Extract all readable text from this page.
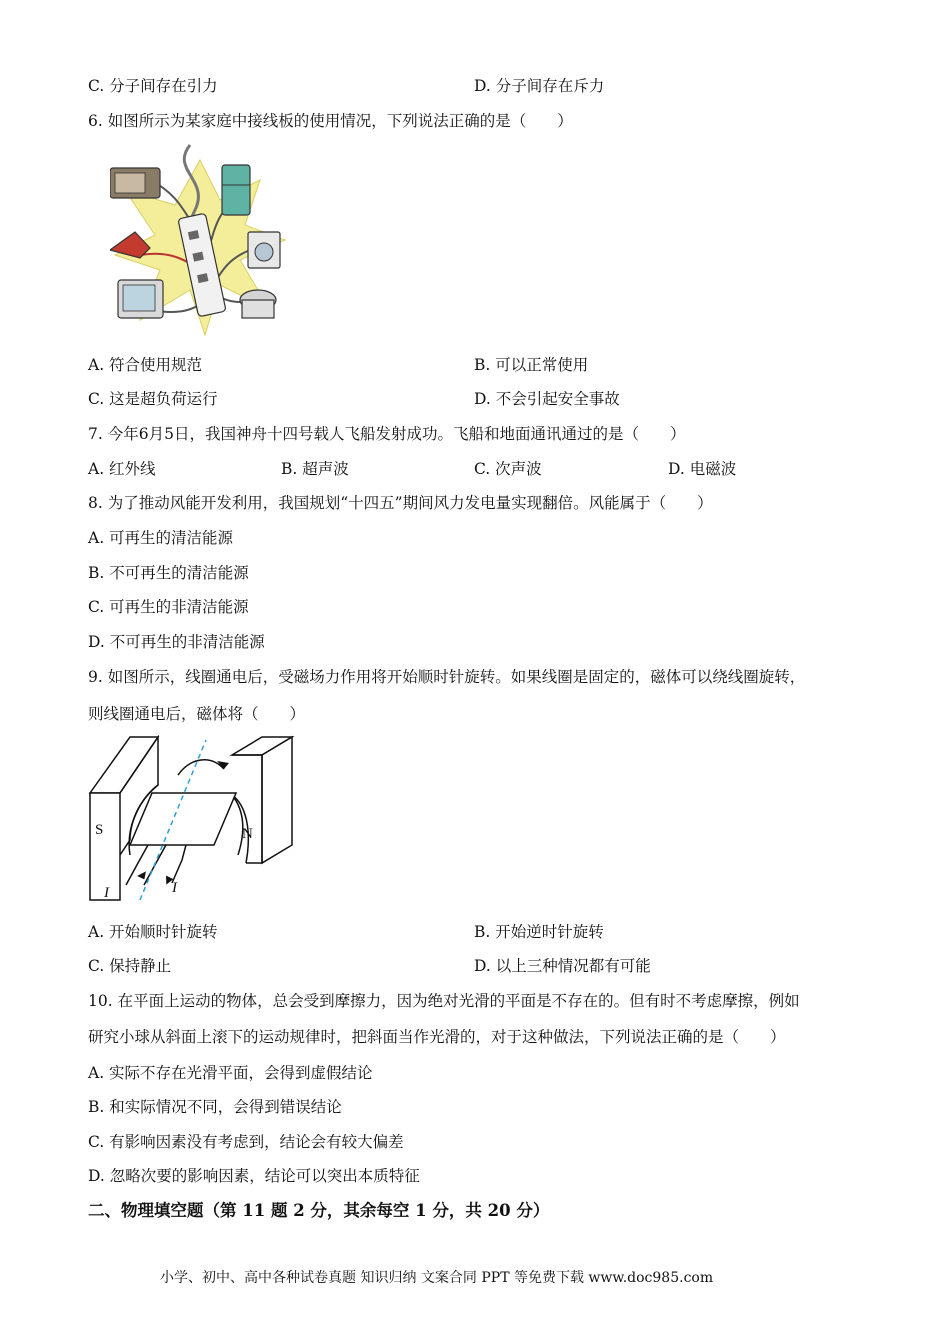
C. 分子间存在引力	D. 分子间存在斥力
6. 如图所示为某家庭中接线板的使用情况，下列说法正确的是（　　）
A. 符合使用规范	B. 可以正常使用
C. 这是超负荷运行	D. 不会引起安全事故
7. 今年6月5日，我国神舟十四号载人飞船发射成功。飞船和地面通讯通过的是（　　）
A. 红外线	B. 超声波	C. 次声波	D. 电磁波
8. 为了推动风能开发利用，我国规划“十四五”期间风力发电量实现翻倍。风能属于（　　）
A. 可再生的清洁能源
B. 不可再生的清洁能源
C. 可再生的非清洁能源
D. 不可再生的非清洁能源
9. 如图所示，线圈通电后，受磁场力作用将开始顺时针旋转。如果线圈是固定的，磁体可以绕线圈旋转，
则线圈通电后，磁体将（　　）
S	N
I	I
A. 开始顺时针旋转	B. 开始逆时针旋转
C. 保持静止	D. 以上三种情况都有可能
10. 在平面上运动的物体，总会受到摩擦力，因为绝对光滑的平面是不存在的。但有时不考虑摩擦，例如
研究小球从斜面上滚下的运动规律时，把斜面当作光滑的，对于这种做法，下列说法正确的是（　　）
A. 实际不存在光滑平面，会得到虚假结论
B. 和实际情况不同，会得到错误结论
C. 有影响因素没有考虑到，结论会有较大偏差
D. 忽略次要的影响因素，结论可以突出本质特征
二、物理填空题（第 11 题 2 分，其余每空 1 分，共 20 分）
小学、初中、高中各种试卷真题 知识归纳 文案合同 PPT 等免费下载 www.doc985.com
